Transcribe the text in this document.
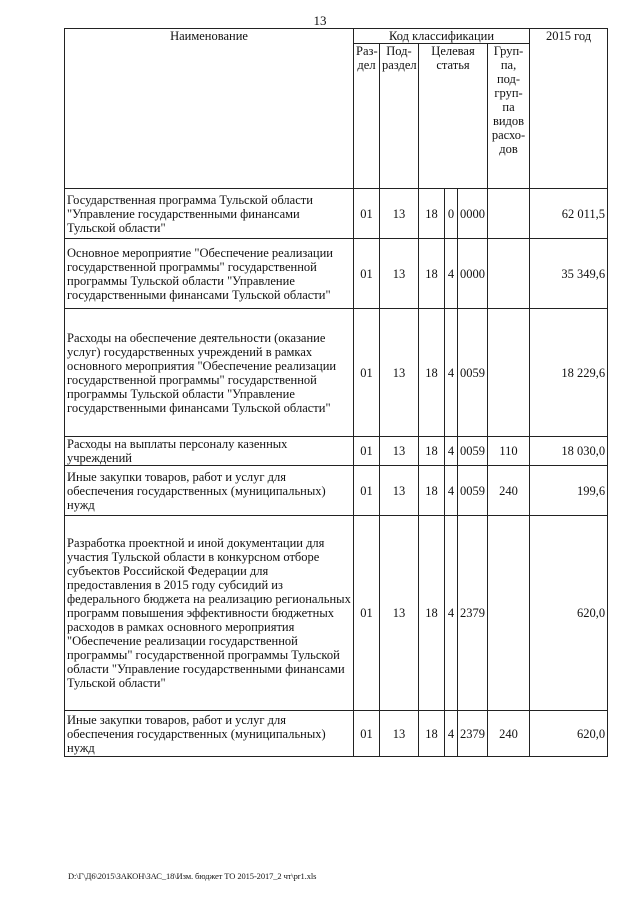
13
Наименование	Код классификации						2015 год
	Раз- дел	Под- раздел	Целевая статья			Груп- па, под- груп- па видов расхо- дов	
Государственная программа Тульской области "Управление государственными финансами Тульской области"	01	13	18	0	0000		62 011,5
Основное мероприятие "Обеспечение реализации государственной программы" государственной программы Тульской области "Управление государственными финансами Тульской области"	01	13	18	4	0000		35 349,6
Расходы на обеспечение деятельности (оказание услуг) государственных учреждений в рамках основного мероприятия "Обеспечение реализации государственной программы" государственной программы Тульской области "Управление государственными финансами Тульской области"	01	13	18	4	0059		18 229,6
Расходы на выплаты персоналу казенных учреждений	01	13	18	4	0059	110	18 030,0
Иные закупки товаров, работ и услуг для обеспечения государственных (муниципальных) нужд	01	13	18	4	0059	240	199,6
Разработка проектной и иной документации для участия Тульской области в конкурсном отборе субъектов Российской Федерации для предоставления в 2015 году субсидий из федерального бюджета на реализацию региональных программ повышения эффективности бюджетных расходов в рамках основного мероприятия "Обеспечение реализации государственной программы" государственной программы Тульской области "Управление государственными финансами Тульской области"	01	13	18	4	2379		620,0
Иные закупки товаров, работ и услуг для обеспечения государственных (муниципальных) нужд	01	13	18	4	2379	240	620,0
D:\Г\Д6\2015\ЗАКОН\ЗАС_18\Изм. бюджет ТО 2015-2017_2 чт\pr1.xls
